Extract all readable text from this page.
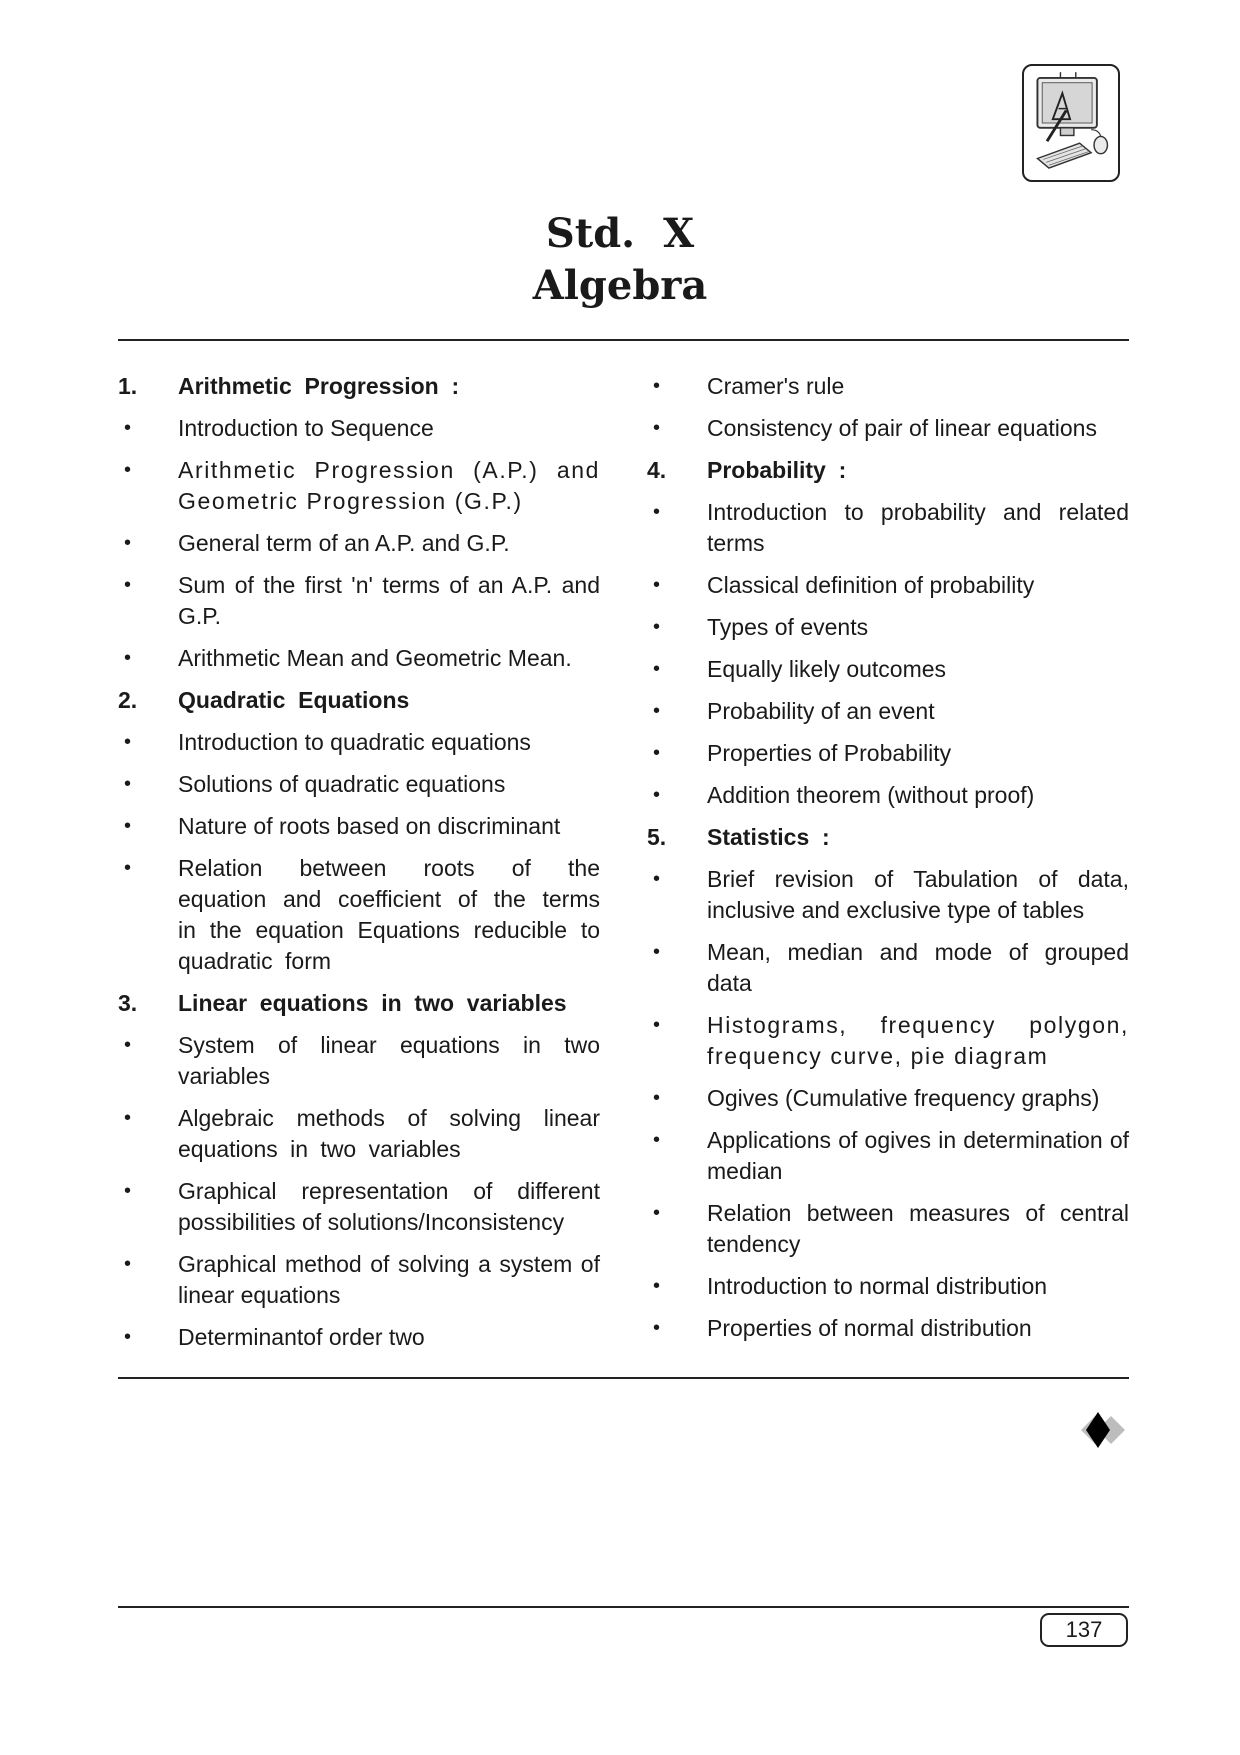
Std. X
Algebra
1.	Arithmetic  Progression  :
•	Introduction to Sequence
•	Arithmetic Progression (A.P.) and Geometric Progression (G.P.)
•	General term of an A.P. and G.P.
•	Sum of the first 'n' terms of an A.P. and G.P.
•	Arithmetic Mean and Geometric Mean.
2.	Quadratic  Equations
•	Introduction to quadratic equations
•	Solutions of quadratic equations
•	Nature of roots based on discriminant
•	Relation between roots of the equation and coefficient of the terms in the equation Equations reducible to quadratic form
3.	Linear  equations  in  two  variables
•	System of linear equations in two variables
•	Algebraic methods of solving linear equations in two variables
•	Graphical representation of different possibilities of solutions/Inconsistency
•	Graphical method of solving a system of linear equations
•	Determinantof order two
•	Cramer's rule
•	Consistency of pair of linear equations
4.	Probability  :
•	Introduction to probability and related terms
•	Classical definition of probability
•	Types of events
•	Equally likely outcomes
•	Probability of an event
•	Properties of Probability
•	Addition theorem (without proof)
5.	Statistics  :
•	Brief revision of Tabulation of data, inclusive and exclusive type of tables
•	Mean, median and mode of grouped data
•	Histograms, frequency polygon, frequency curve, pie diagram
•	Ogives (Cumulative frequency graphs)
•	Applications of ogives in determination of median
•	Relation between measures of central tendency
•	Introduction to normal distribution
•	Properties of normal distribution
137
